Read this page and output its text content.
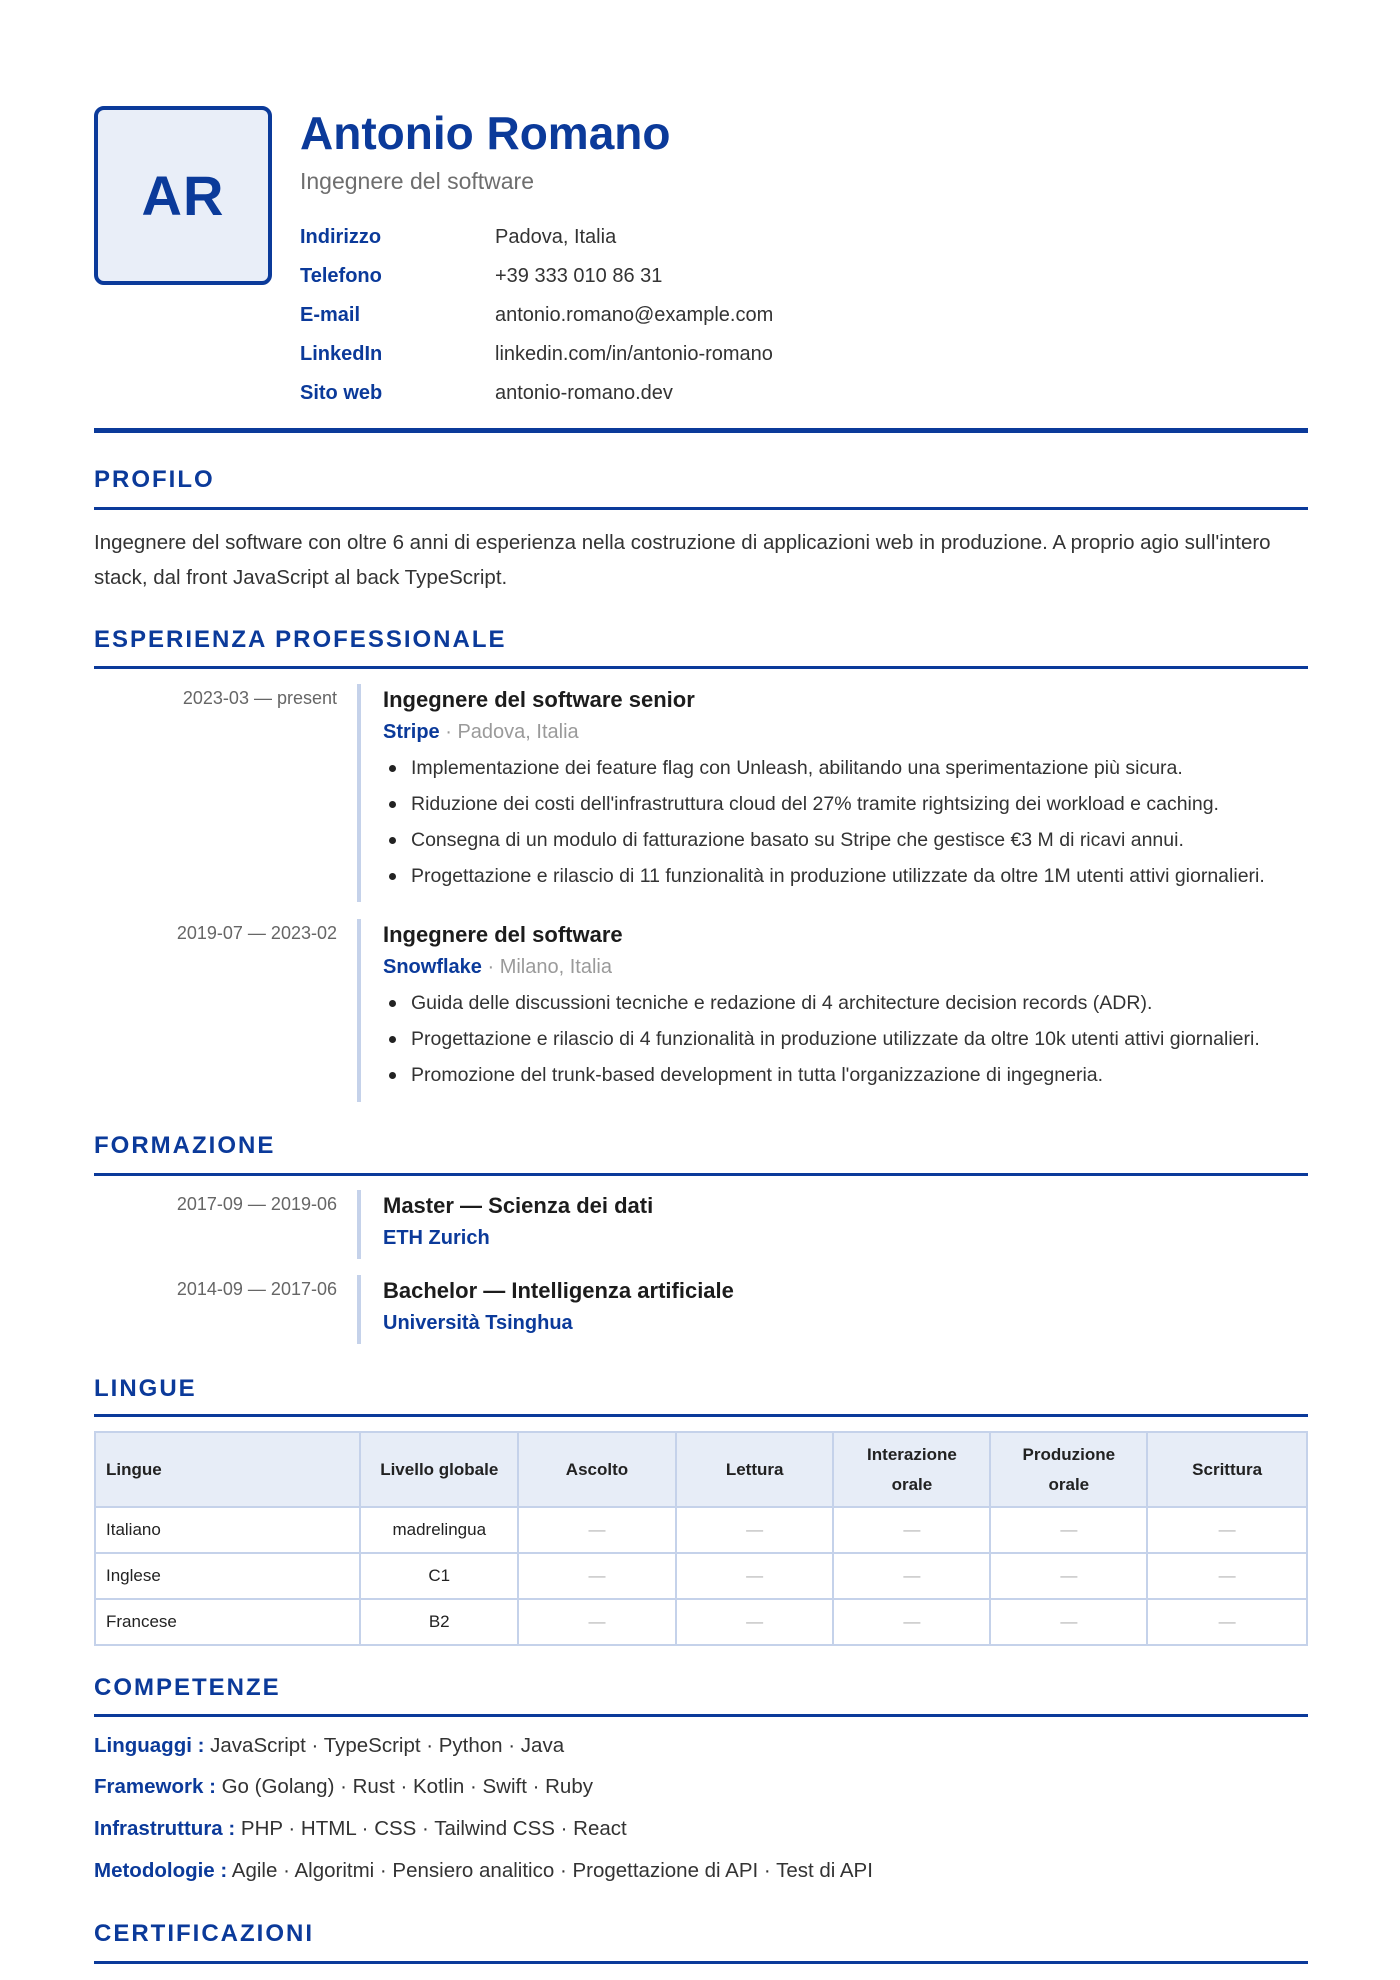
AR
Antonio Romano
Ingegnere del software
Indirizzo	Padova, Italia
Telefono	+39 333 010 86 31
E-mail	antonio.romano@example.com
LinkedIn	linkedin.com/in/antonio-romano
Sito web	antonio-romano.dev
PROFILO
Ingegnere del software con oltre 6 anni di esperienza nella costruzione di applicazioni web in produzione. A proprio agio sull'intero stack, dal front JavaScript al back TypeScript.
ESPERIENZA PROFESSIONALE
2023-03 — present Ingegnere del software senior
Stripe · Padova, Italia
Implementazione dei feature flag con Unleash, abilitando una sperimentazione più sicura.
Riduzione dei costi dell'infrastruttura cloud del 27% tramite rightsizing dei workload e caching.
Consegna di un modulo di fatturazione basato su Stripe che gestisce €3 M di ricavi annui.
Progettazione e rilascio di 11 funzionalità in produzione utilizzate da oltre 1M utenti attivi giornalieri.
2019-07 — 2023-02 Ingegnere del software
Snowflake · Milano, Italia
Guida delle discussioni tecniche e redazione di 4 architecture decision records (ADR).
Progettazione e rilascio di 4 funzionalità in produzione utilizzate da oltre 10k utenti attivi giornalieri.
Promozione del trunk-based development in tutta l'organizzazione di ingegneria.
FORMAZIONE
2017-09 — 2019-06 Master — Scienza dei dati
ETH Zurich
2014-09 — 2017-06 Bachelor — Intelligenza artificiale
Università Tsinghua
LINGUE
Lingue	Livello globale	Ascolto	Lettura	Interazione orale	Produzione orale	Scrittura
Italiano	madrelingua	—	—	—	—	—
Inglese	C1	—	—	—	—	—
Francese	B2	—	—	—	—	—
COMPETENZE
Linguaggi : JavaScript · TypeScript · Python · Java
Framework : Go (Golang) · Rust · Kotlin · Swift · Ruby
Infrastruttura : PHP · HTML · CSS · Tailwind CSS · React
Metodologie : Agile · Algoritmi · Pensiero analitico · Progettazione di API · Test di API
CERTIFICAZIONI
